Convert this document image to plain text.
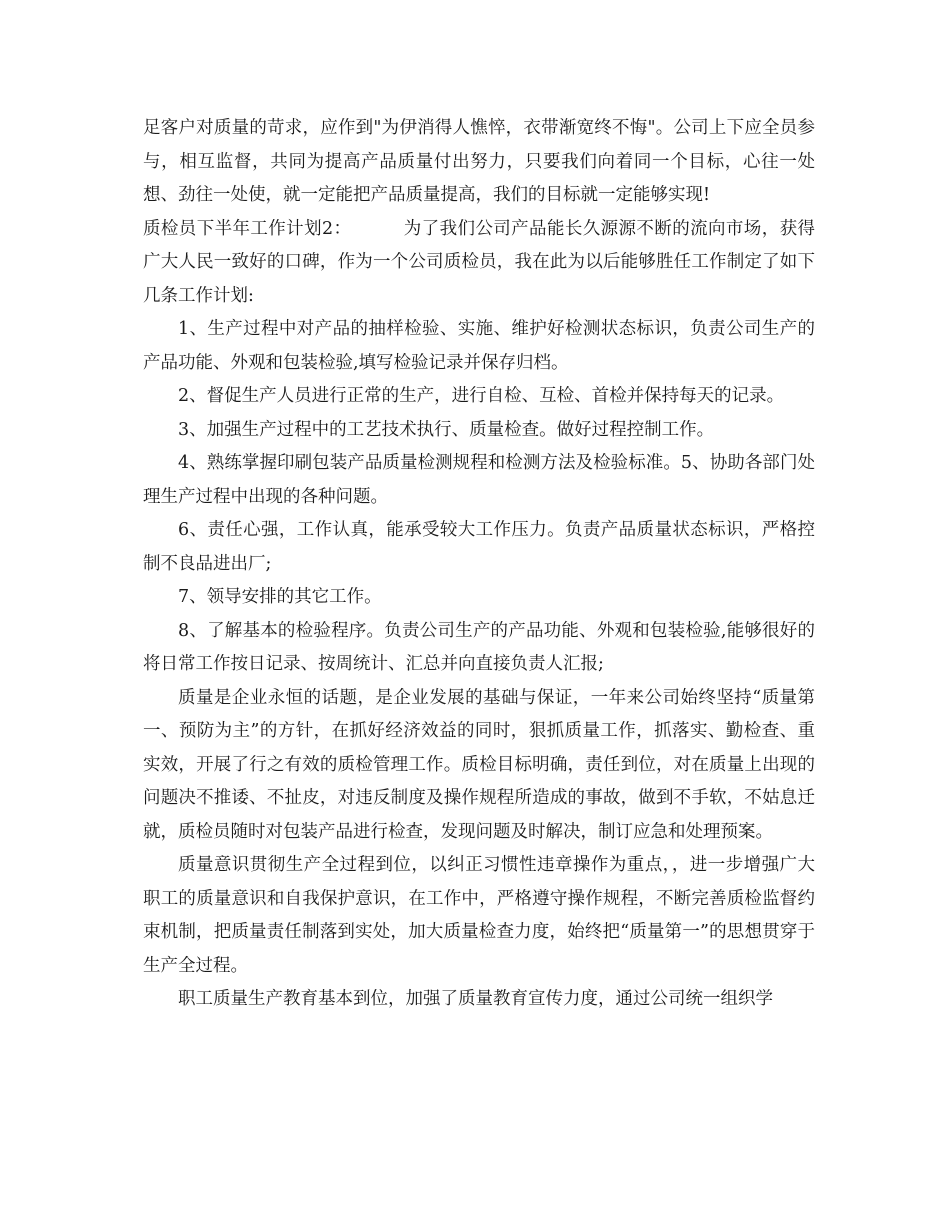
足客户对质量的苛求，应作到"为伊消得人憔悴，衣带渐宽终不悔"。公司上下应全员参与，相互监督，共同为提高产品质量付出努力，只要我们向着同一个目标，心往一处想、劲往一处使，就一定能把产品质量提高，我们的目标就一定能够实现!

质检员下半年工作计划2：	为了我们公司产品能长久源源不断的流向市场，获得广大人民一致好的口碑，作为一个公司质检员，我在此为以后能够胜任工作制定了如下几条工作计划:

1、生产过程中对产品的抽样检验、实施、维护好检测状态标识，负责公司生产的产品功能、外观和包装检验,填写检验记录并保存归档。

2、督促生产人员进行正常的生产，进行自检、互检、首检并保持每天的记录。

3、加强生产过程中的工艺技术执行、质量检查。做好过程控制工作。

4、熟练掌握印刷包装产品质量检测规程和检测方法及检验标准。5、协助各部门处理生产过程中出现的各种问题。

6、责任心强，工作认真，能承受较大工作压力。负责产品质量状态标识，严格控制不良品进出厂;

7、领导安排的其它工作。

8、了解基本的检验程序。负责公司生产的产品功能、外观和包装检验,能够很好的将日常工作按日记录、按周统计、汇总并向直接负责人汇报;

质量是企业永恒的话题，是企业发展的基础与保证，一年来公司始终坚持“质量第一、预防为主”的方针，在抓好经济效益的同时，狠抓质量工作，抓落实、勤检查、重实效，开展了行之有效的质检管理工作。质检目标明确，责任到位，对在质量上出现的问题决不推诿、不扯皮，对违反制度及操作规程所造成的事故，做到不手软，不姑息迁就，质检员随时对包装产品进行检查，发现问题及时解决，制订应急和处理预案。

质量意识贯彻生产全过程到位，以纠正习惯性违章操作为重点，，进一步增强广大职工的质量意识和自我保护意识，在工作中，严格遵守操作规程，不断完善质检监督约束机制，把质量责任制落到实处，加大质量检查力度，始终把“质量第一”的思想贯穿于生产全过程。

职工质量生产教育基本到位，加强了质量教育宣传力度，通过公司统一组织学
